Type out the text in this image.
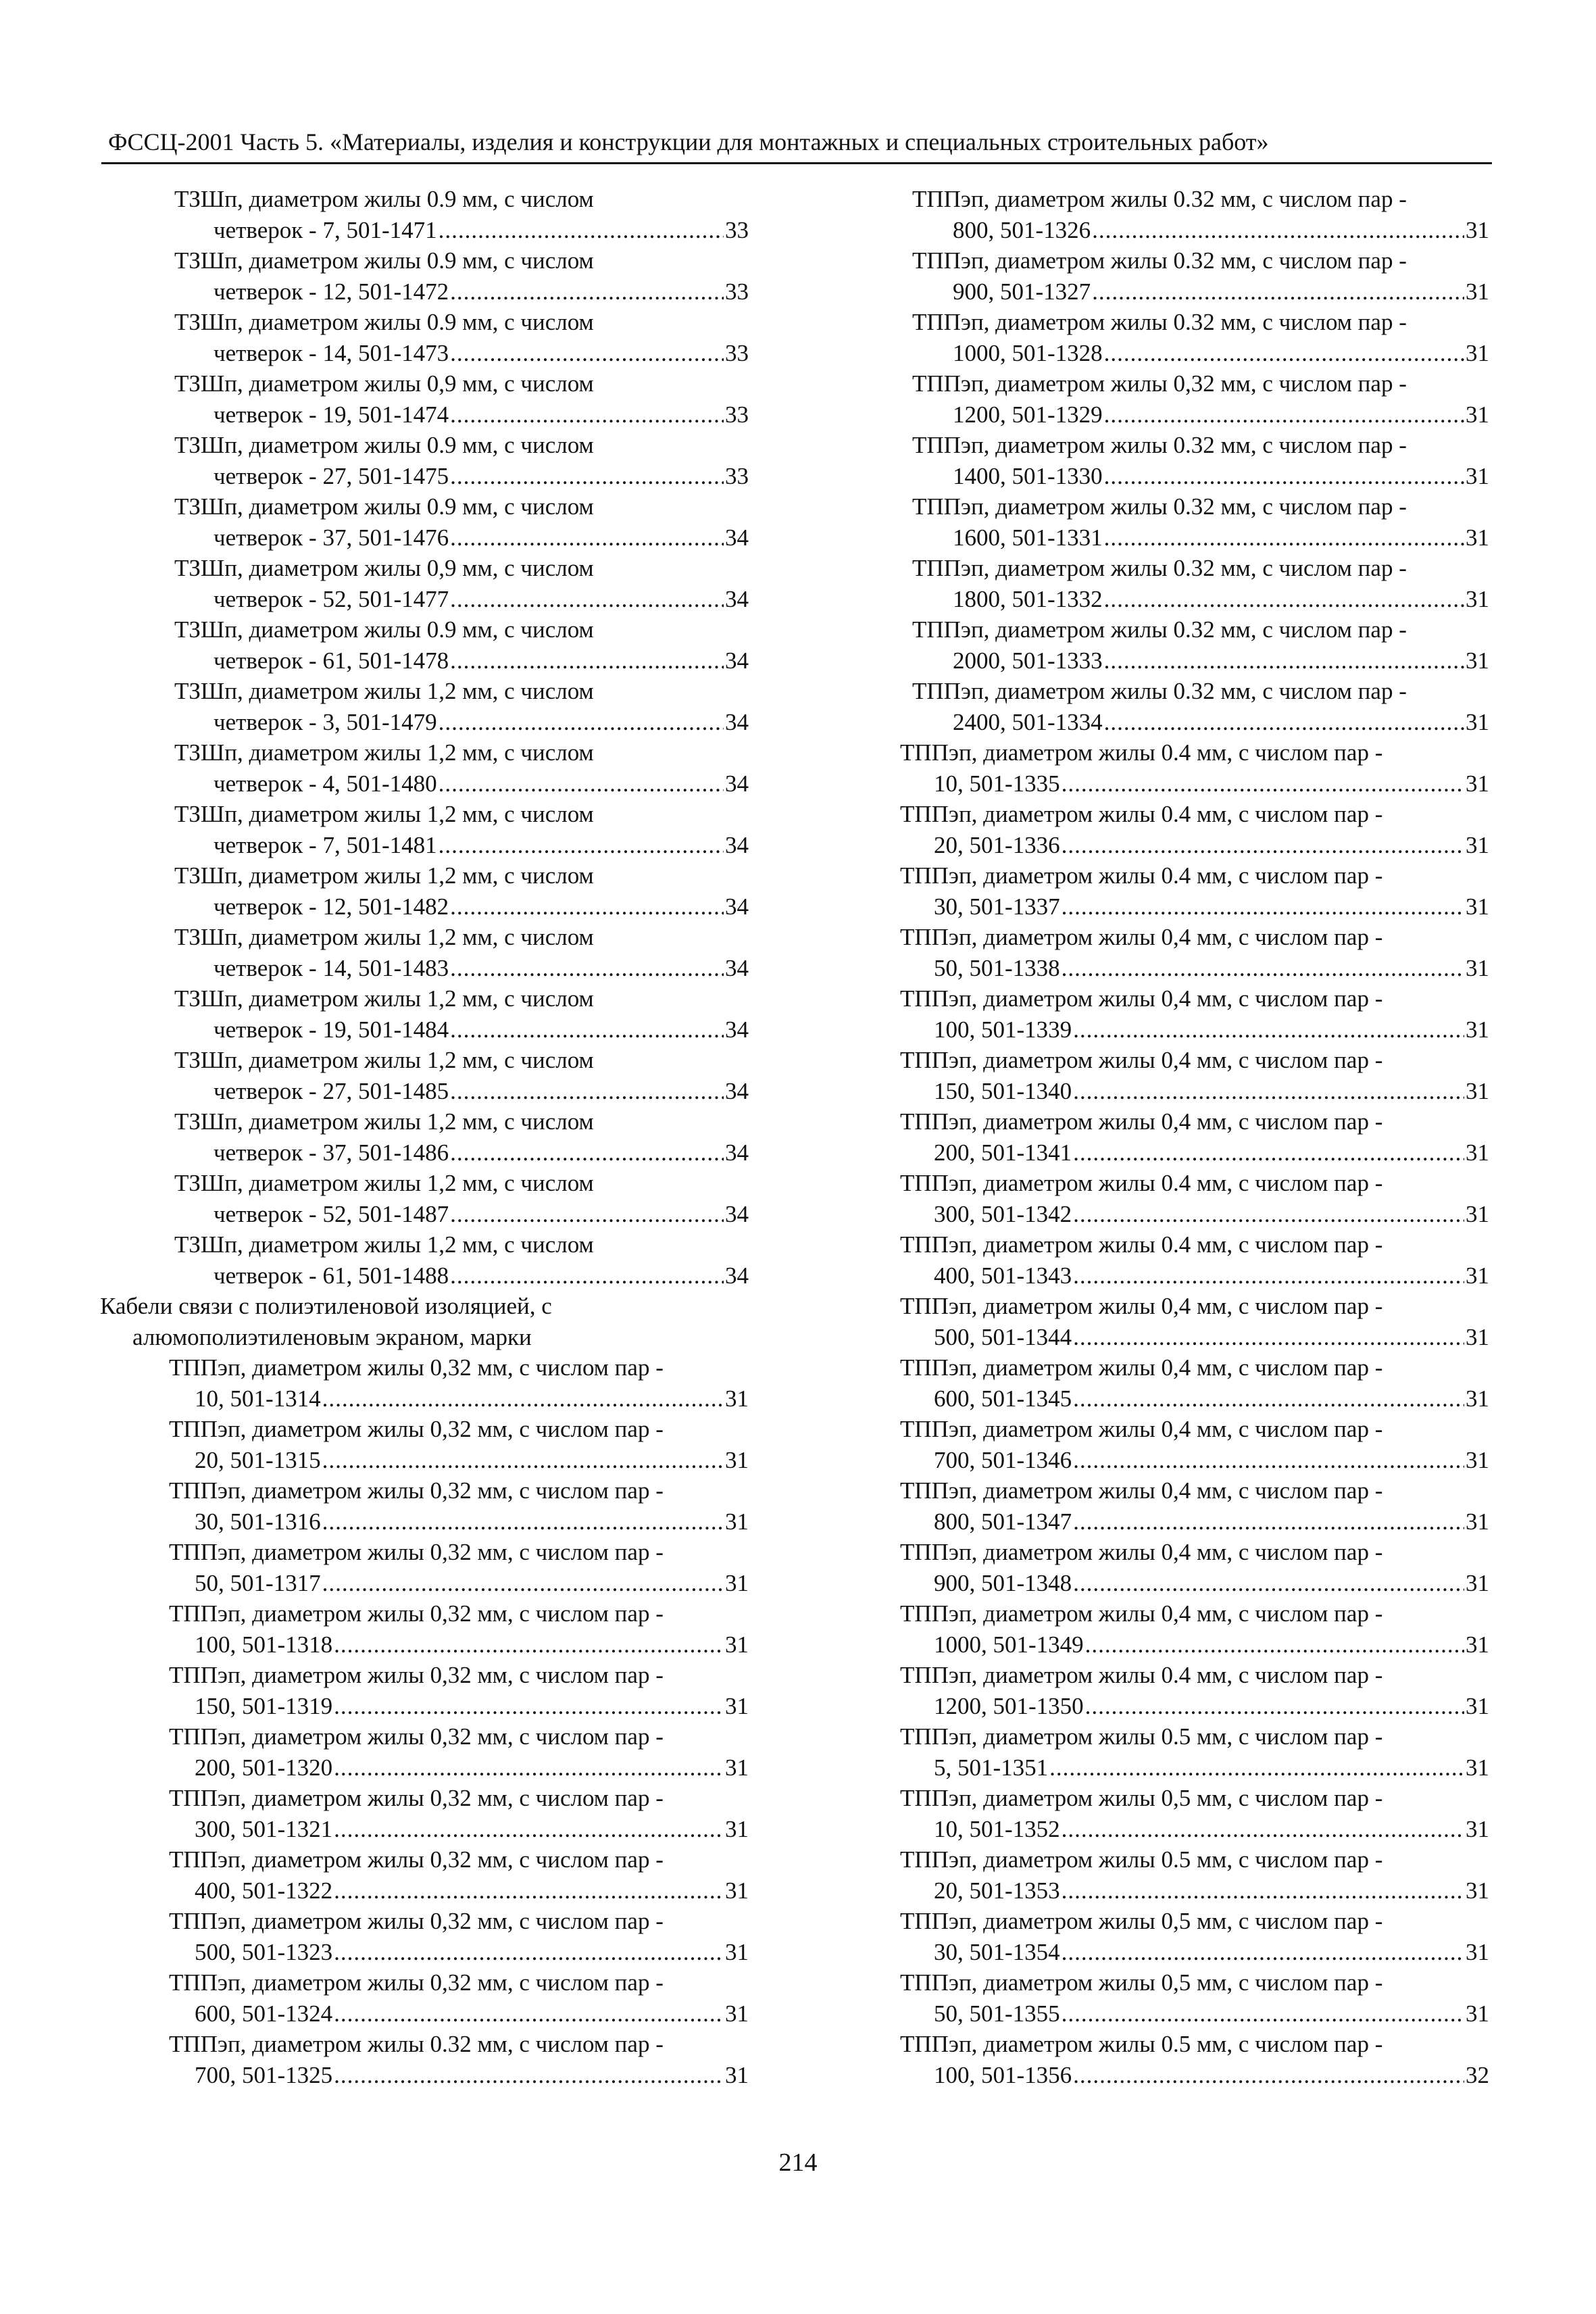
ФССЦ-2001 Часть 5. «Материалы, изделия и конструкции для монтажных и специальных строительных работ»
ТЗШп, диаметром жилы 0.9 мм, с числом
четверок - 7, 501-1471 .....	33
ТЗШп, диаметром жилы 0.9 мм, с числом
четверок - 12, 501-1472 .....	33
ТЗШп, диаметром жилы 0.9 мм, с числом
четверок - 14, 501-1473 .....	33
ТЗШп, диаметром жилы 0,9 мм, с числом
четверок - 19, 501-1474 .....	33
ТЗШп, диаметром жилы 0.9 мм, с числом
четверок - 27, 501-1475 .....	33
ТЗШп, диаметром жилы 0.9 мм, с числом
четверок - 37, 501-1476 .....	34
ТЗШп, диаметром жилы 0,9 мм, с числом
четверок - 52, 501-1477 .....	34
ТЗШп, диаметром жилы 0.9 мм, с числом
четверок - 61, 501-1478 .....	34
ТЗШп, диаметром жилы 1,2 мм, с числом
четверок - 3, 501-1479 .....	34
ТЗШп, диаметром жилы 1,2 мм, с числом
четверок - 4, 501-1480 .....	34
ТЗШп, диаметром жилы 1,2 мм, с числом
четверок - 7, 501-1481 .....	34
ТЗШп, диаметром жилы 1,2 мм, с числом
четверок - 12, 501-1482 .....	34
ТЗШп, диаметром жилы 1,2 мм, с числом
четверок - 14, 501-1483 .....	34
ТЗШп, диаметром жилы 1,2 мм, с числом
четверок - 19, 501-1484 .....	34
ТЗШп, диаметром жилы 1,2 мм, с числом
четверок - 27, 501-1485 .....	34
ТЗШп, диаметром жилы 1,2 мм, с числом
четверок - 37, 501-1486 .....	34
ТЗШп, диаметром жилы 1,2 мм, с числом
четверок - 52, 501-1487 .....	34
ТЗШп, диаметром жилы 1,2 мм, с числом
четверок - 61, 501-1488 .....	34
Кабели связи с полиэтиленовой изоляцией, с
алюмополиэтиленовым экраном, марки
ТППэп, диаметром жилы 0,32 мм, с числом пар -
10, 501-1314 .....	31
ТППэп, диаметром жилы 0,32 мм, с числом пар -
20, 501-1315 .....	31
ТППэп, диаметром жилы 0,32 мм, с числом пар -
30, 501-1316 .....	31
ТППэп, диаметром жилы 0,32 мм, с числом пар -
50, 501-1317 .....	31
ТППэп, диаметром жилы 0,32 мм, с числом пар -
100, 501-1318 .....	31
ТППэп, диаметром жилы 0,32 мм, с числом пар -
150, 501-1319 .....	31
ТППэп, диаметром жилы 0,32 мм, с числом пар -
200, 501-1320 .....	31
ТППэп, диаметром жилы 0,32 мм, с числом пар -
300, 501-1321 .....	31
ТППэп, диаметром жилы 0,32 мм, с числом пар -
400, 501-1322 .....	31
ТППэп, диаметром жилы 0,32 мм, с числом пар -
500, 501-1323 .....	31
ТППэп, диаметром жилы 0,32 мм, с числом пар -
600, 501-1324 .....	31
ТППэп, диаметром жилы 0.32 мм, с числом пар -
700, 501-1325 .....	31
ТППэп, диаметром жилы 0.32 мм, с числом пар -
800, 501-1326 .....	31
ТППэп, диаметром жилы 0.32 мм, с числом пар -
900, 501-1327 .....	31
ТППэп, диаметром жилы 0.32 мм, с числом пар -
1000, 501-1328 .....	31
ТППэп, диаметром жилы 0,32 мм, с числом пар -
1200, 501-1329 .....	31
ТППэп, диаметром жилы 0.32 мм, с числом пар -
1400, 501-1330 .....	31
ТППэп, диаметром жилы 0.32 мм, с числом пар -
1600, 501-1331 .....	31
ТППэп, диаметром жилы 0.32 мм, с числом пар -
1800, 501-1332 .....	31
ТППэп, диаметром жилы 0.32 мм, с числом пар -
2000, 501-1333 .....	31
ТППэп, диаметром жилы 0.32 мм, с числом пар -
2400, 501-1334 .....	31
ТППэп, диаметром жилы 0.4 мм, с числом пар -
10, 501-1335 .....	31
ТППэп, диаметром жилы 0.4 мм, с числом пар -
20, 501-1336 .....	31
ТППэп, диаметром жилы 0.4 мм, с числом пар -
30, 501-1337 .....	31
ТППэп, диаметром жилы 0,4 мм, с числом пар -
50, 501-1338 .....	31
ТППэп, диаметром жилы 0,4 мм, с числом пар -
100, 501-1339 .....	31
ТППэп, диаметром жилы 0,4 мм, с числом пар -
150, 501-1340 .....	31
ТППэп, диаметром жилы 0,4 мм, с числом пар -
200, 501-1341 .....	31
ТППэп, диаметром жилы 0.4 мм, с числом пар -
300, 501-1342 .....	31
ТППэп, диаметром жилы 0.4 мм, с числом пар -
400, 501-1343 .....	31
ТППэп, диаметром жилы 0,4 мм, с числом пар -
500, 501-1344 .....	31
ТППэп, диаметром жилы 0,4 мм, с числом пар -
600, 501-1345 .....	31
ТППэп, диаметром жилы 0,4 мм, с числом пар -
700, 501-1346 .....	31
ТППэп, диаметром жилы 0,4 мм, с числом пар -
800, 501-1347 .....	31
ТППэп, диаметром жилы 0,4 мм, с числом пар -
900, 501-1348 .....	31
ТППэп, диаметром жилы 0,4 мм, с числом пар -
1000, 501-1349 .....	31
ТППэп, диаметром жилы 0.4 мм, с числом пар -
1200, 501-1350 .....	31
ТППэп, диаметром жилы 0.5 мм, с числом пар -
5, 501-1351 .....	31
ТППэп, диаметром жилы 0,5 мм, с числом пар -
10, 501-1352 .....	31
ТППэп, диаметром жилы 0.5 мм, с числом пар -
20, 501-1353 .....	31
ТППэп, диаметром жилы 0,5 мм, с числом пар -
30, 501-1354 .....	31
ТППэп, диаметром жилы 0,5 мм, с числом пар -
50, 501-1355 .....	31
ТППэп, диаметром жилы 0.5 мм, с числом пар -
100, 501-1356 .....	32
214
